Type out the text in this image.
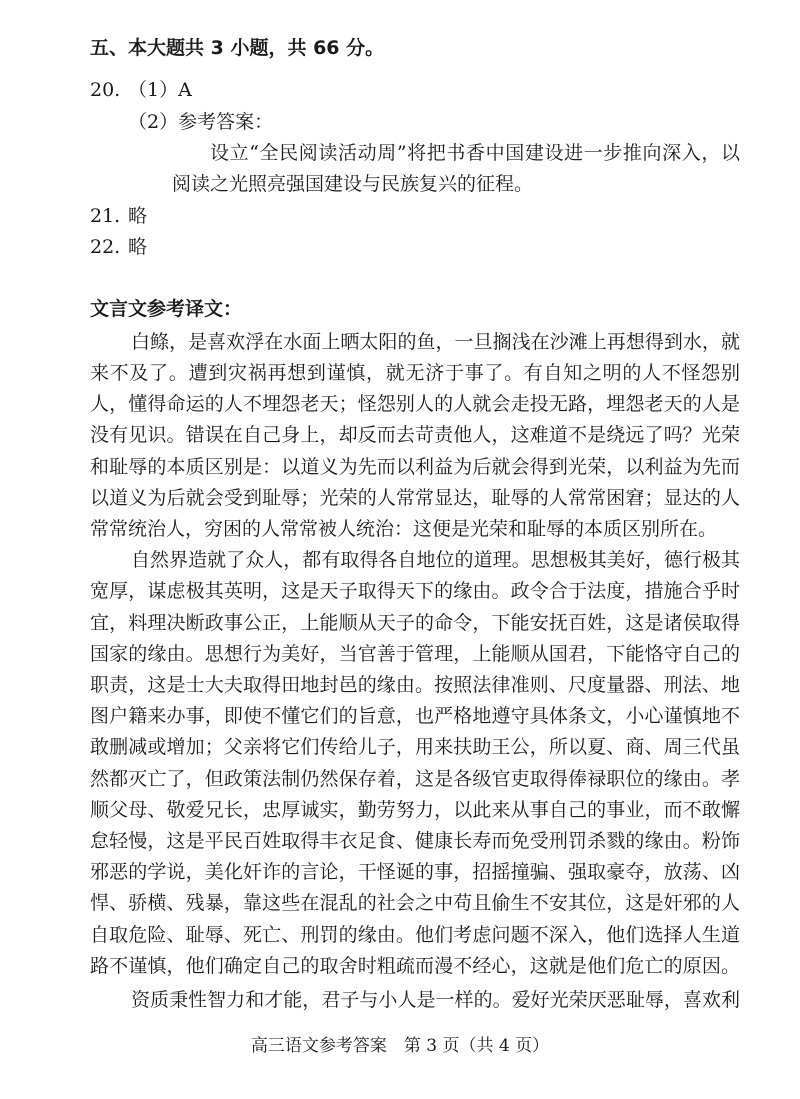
五、本大题共 3 小题，共 66 分。
20. （1）A
（2）参考答案：
设立“全民阅读活动周”将把书香中国建设进一步推向深入，以
阅读之光照亮强国建设与民族复兴的征程。
21. 略
22. 略
文言文参考译文：
白鲦，是喜欢浮在水面上晒太阳的鱼，一旦搁浅在沙滩上再想得到水，就
来不及了。遭到灾祸再想到谨慎，就无济于事了。有自知之明的人不怪怨别
人，懂得命运的人不埋怨老天；怪怨别人的人就会走投无路，埋怨老天的人是
没有见识。错误在自己身上，却反而去苛责他人，这难道不是绕远了吗？光荣
和耻辱的本质区别是：以道义为先而以利益为后就会得到光荣，以利益为先而
以道义为后就会受到耻辱；光荣的人常常显达，耻辱的人常常困窘；显达的人
常常统治人，穷困的人常常被人统治：这便是光荣和耻辱的本质区别所在。
自然界造就了众人，都有取得各自地位的道理。思想极其美好，德行极其
宽厚，谋虑极其英明，这是天子取得天下的缘由。政令合于法度，措施合乎时
宜，料理决断政事公正，上能顺从天子的命令，下能安抚百姓，这是诸侯取得
国家的缘由。思想行为美好，当官善于管理，上能顺从国君，下能恪守自己的
职责，这是士大夫取得田地封邑的缘由。按照法律准则、尺度量器、刑法、地
图户籍来办事，即使不懂它们的旨意，也严格地遵守具体条文，小心谨慎地不
敢删减或增加；父亲将它们传给儿子，用来扶助王公，所以夏、商、周三代虽
然都灭亡了，但政策法制仍然保存着，这是各级官吏取得俸禄职位的缘由。孝
顺父母、敬爱兄长，忠厚诚实，勤劳努力，以此来从事自己的事业，而不敢懈
怠轻慢，这是平民百姓取得丰衣足食、健康长寿而免受刑罚杀戮的缘由。粉饰
邪恶的学说，美化奸诈的言论，干怪诞的事，招摇撞骗、强取豪夺，放荡、凶
悍、骄横、残暴，靠这些在混乱的社会之中苟且偷生不安其位，这是奸邪的人
自取危险、耻辱、死亡、刑罚的缘由。他们考虑问题不深入，他们选择人生道
路不谨慎，他们确定自己的取舍时粗疏而漫不经心，这就是他们危亡的原因。
资质秉性智力和才能，君子与小人是一样的。爱好光荣厌恶耻辱，喜欢利
高三语文参考答案　第 3 页（共 4 页）
